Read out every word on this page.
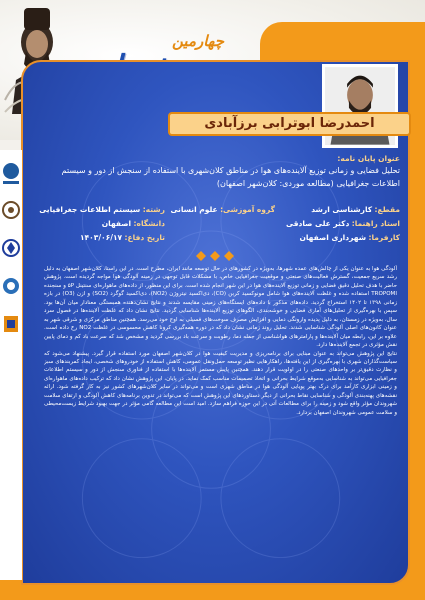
چهارمین
احمدرضا ابوترابی برزآبادی
عنوان پایان نامه:
تحلیل فضایی و زمانی توزیع آلاینده‌های هوا در مناطق کلان‌شهری با استفاده از سنجش از دور و سیستم اطلاعات جغرافیایی (مطالعه موردی: کلان‌شهر اصفهان)
مقطع: کارشناسی ارشد
گروه آموزشی: علوم انسانی
رشته: سیستم اطلاعات جغرافیایی
استاد راهنما: دکتر علی صادقی
دانشگاه: اصفهان
کارفرما: شهرداری اصفهان
تاریخ دفاع: ۱۴۰۳/۰۶/۱۷

آلودگی هوا به عنوان یکی از چالش‌های عمده شهرها، به‌ویژه در کشورهای در حال توسعه مانند ایران، مطرح است. در این راستا، کلان‌شهر اصفهان به دلیل رشد سریع جمعیت، گسترش فعالیت‌های صنعتی و موقعیت جغرافیایی خاص، با مشکلات قابل توجهی در زمینه آلودگی هوا مواجه گردیده است. پژوهش حاضر با هدف تحلیل دقیق فضایی و زمانی توزیع آلاینده‌های هوا در این شهر انجام شده است. برای این منظور، از داده‌های ماهواره‌ای سنتینل ۵P و سنجنده TROPOMI استفاده شده و غلظت آلاینده‌های هوا شامل مونوکسید کربن (CO)، دی‌اکسید نیتروژن (NO2)، دی‌اکسید گوگرد (SO2) و ازن (O3) در بازه زمانی ۱۳۹۸ تا ۱۴۰۲ استخراج گردید. داده‌های مذکور با داده‌های ایستگاه‌های زمینی مقایسه شدند و نتایج نشان‌دهنده همبستگی معنادار میان آن‌ها بود. سپس با بهره‌گیری از تحلیل‌های آماری فضایی و خوشه‌بندی، الگوهای توزیع آلاینده‌ها شناسایی گردید. نتایج نشان داد که غلظت آلاینده‌ها در فصول سرد سال، به‌ویژه در زمستان، به دلیل پدیده وارونگی دمایی و افزایش مصرف سوخت‌های فسیلی به اوج خود می‌رسد. همچنین مناطق مرکزی و شرقی شهر به عنوان کانون‌های اصلی آلودگی شناسایی شدند. تحلیل روند زمانی نشان داد که در دوره همه‌گیری کرونا کاهش محسوسی در غلظت NO2 رخ داده است. علاوه بر این، رابطه میان آلاینده‌ها و پارامترهای هواشناسی از جمله دما، رطوبت و سرعت باد بررسی گردید و مشخص شد که سرعت باد کم و دمای پایین نقش مؤثری در تجمع آلاینده‌ها دارد.

نتایج این پژوهش می‌تواند به عنوان مبنایی برای برنامه‌ریزی و مدیریت کیفیت هوا در کلان‌شهر اصفهان مورد استفاده قرار گیرد. پیشنهاد می‌شود که سیاست‌گذاران شهری با بهره‌گیری از این یافته‌ها، راهکارهایی نظیر توسعه حمل‌ونقل عمومی، کاهش استفاده از خودروهای شخصی، ایجاد کمربندهای سبز و نظارت دقیق‌تر بر واحدهای صنعتی را در اولویت قرار دهند. همچنین پایش مستمر آلاینده‌ها با استفاده از فناوری سنجش از دور و سیستم اطلاعات جغرافیایی می‌تواند به شناسایی به‌موقع شرایط بحرانی و اتخاذ تصمیمات مناسب کمک نماید. در پایان، این پژوهش نشان داد که ترکیب داده‌های ماهواره‌ای و زمینی ابزاری کارآمد برای درک بهتر پویایی آلودگی هوا در مناطق شهری است و می‌تواند در سایر کلان‌شهرهای کشور نیز به کار گرفته شود. ارائه نقشه‌های پهنه‌بندی آلودگی و شناسایی نقاط بحرانی از دیگر دستاوردهای این پژوهش است که می‌تواند در تدوین برنامه‌های کاهش آلودگی و ارتقای سلامت شهروندان مؤثر واقع شود و زمینه را برای مطالعات آتی در این حوزه فراهم سازد. امید است این مطالعه گامی مؤثر در جهت بهبود شرایط زیست‌محیطی و سلامت عمومی شهروندان اصفهان بردارد.
